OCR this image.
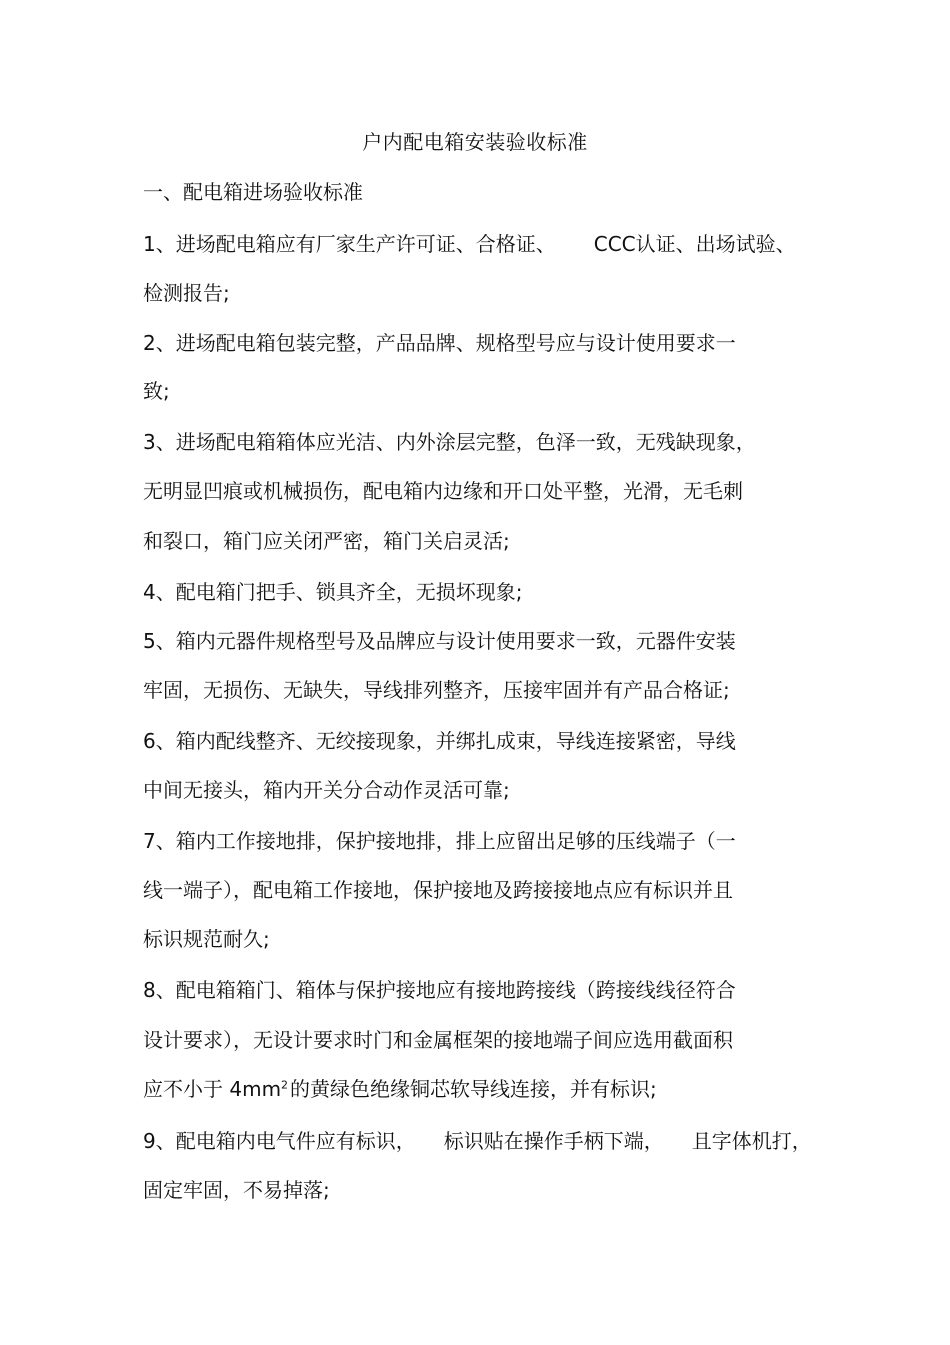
户内配电箱安装验收标准
一、配电箱进场验收标准
1、进场配电箱应有厂家生产许可证、合格证、 CCC认证、出场试验、
检测报告;
2、进场配电箱包装完整，产品品牌、规格型号应与设计使用要求一
致;
3、进场配电箱箱体应光洁、内外涂层完整，色泽一致，无残缺现象，
无明显凹痕或机械损伤，配电箱内边缘和开口处平整，光滑，无毛刺
和裂口，箱门应关闭严密，箱门关启灵活;
4、配电箱门把手、锁具齐全，无损坏现象;
5、箱内元器件规格型号及品牌应与设计使用要求一致，元器件安装
牢固，无损伤、无缺失，导线排列整齐，压接牢固并有产品合格证;
6、箱内配线整齐、无绞接现象，并绑扎成束，导线连接紧密，导线
中间无接头，箱内开关分合动作灵活可靠;
7、箱内工作接地排，保护接地排，排上应留出足够的压线端子（一
线一端子），配电箱工作接地，保护接地及跨接接地点应有标识并且
标识规范耐久;
8、配电箱箱门、箱体与保护接地应有接地跨接线（跨接线线径符合
设计要求），无设计要求时门和金属框架的接地端子间应选用截面积
应不小于 $4mm^2$ 的黄绿色绝缘铜芯软导线连接，并有标识;
9、配电箱内电气件应有标识， 标识贴在操作手柄下端， 且字体机打，
固定牢固，不易掉落;
